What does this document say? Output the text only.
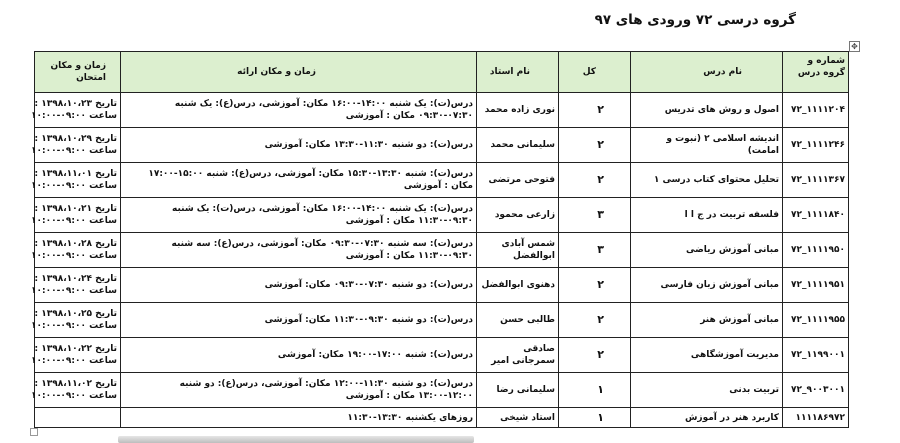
گروه درسی ۷۲ ورودی های ۹۷
✥
شماره و گروه درس	نام درس	کل	نام استاد	زمان و مکان ارائه	زمان و مکان امتحان
۱۱۱۱۲۰۴_۷۲	اصول و روش های تدریس	۲	نوری زاده محمد	درس(ت): یک شنبه ۱۴:۰۰-۱۶:۰۰ مکان: آموزشی، درس(ع): یک شنبه ۰۷:۳۰-۰۹:۳۰ مکان : آموزشی	تاریخ ۱۳۹۸،۱۰،۲۳ :
ساعت ۰۹:۰۰-۱۰:۰۰

۱۱۱۱۲۴۶_۷۲	اندیشه اسلامی ۲ (نبوت و امامت)	۲	سلیمانی محمد	درس(ت): دو شنبه ۱۱:۳۰-۱۳:۳۰ مکان: آموزشی	تاریخ ۱۳۹۸،۱۰،۲۹ :
ساعت ۰۹:۰۰-۱۰:۰۰

۱۱۱۱۳۶۷_۷۲	تحلیل محتوای کتاب درسی ۱	۲	فتوحی مرتضی	درس(ت): شنبه ۱۳:۳۰-۱۵:۳۰ مکان: آموزشی، درس(ع): شنبه ۱۵:۰۰-۱۷:۰۰ مکان : آموزشی	تاریخ ۱۳۹۸،۱۱،۰۱ :
ساعت ۰۹:۰۰-۱۰:۰۰

۱۱۱۱۸۴۰_۷۲	فلسفه تربیت در ج ا ا	۳	زارعی محمود	درس(ت): یک شنبه ۱۴:۰۰-۱۶:۰۰ مکان: آموزشی، درس(ت): یک شنبه ۰۹:۳۰-۱۱:۳۰ مکان : آموزشی	تاریخ ۱۳۹۸،۱۰،۲۱ :
ساعت ۰۹:۰۰-۱۰:۰۰

۱۱۱۱۹۵۰_۷۲	مبانی آموزش ریاضی	۳	شمس آبادی ابوالفضل	درس(ت): سه شنبه ۰۷:۳۰-۰۹:۳۰ مکان: آموزشی، درس(ع): سه شنبه ۰۹:۳۰-۱۱:۳۰ مکان : آموزشی	تاریخ ۱۳۹۸،۱۰،۲۸ :
ساعت ۰۹:۰۰-۱۰:۰۰

۱۱۱۱۹۵۱_۷۲	مبانی آموزش زبان فارسی	۲	دهنوی ابوالفضل	درس(ت): دو شنبه ۰۷:۳۰-۰۹:۳۰ مکان: آموزشی	تاریخ ۱۳۹۸،۱۰،۲۴ :
ساعت ۰۹:۰۰-۱۰:۰۰

۱۱۱۱۹۵۵_۷۲	مبانی آموزش هنر	۲	طالبی حسن	درس(ت): دو شنبه ۰۹:۳۰-۱۱:۳۰ مکان: آموزشی	تاریخ ۱۳۹۸،۱۰،۲۵ :
ساعت ۰۹:۰۰-۱۰:۰۰

۱۱۹۹۰۰۱_۷۲	مدیریت آموزشگاهی	۲	صادقی سمرجانی امیر	درس(ت): شنبه ۱۷:۰۰-۱۹:۰۰ مکان: آموزشی	تاریخ ۱۳۹۸،۱۰،۲۲ :
ساعت ۰۹:۰۰-۱۰:۰۰

۹۰۰۳۰۰۱_۷۲	تربیت بدنی	۱	سلیمانی رضا	درس(ت): دو شنبه ۱۱:۳۰-۱۲:۰۰ مکان: آموزشی، درس(ع): دو شنبه ۱۲:۰۰-۱۳:۰۰ مکان : آموزشی	تاریخ ۱۳۹۸،۱۱،۰۲ :
ساعت ۰۹:۰۰-۱۰:۰۰

۱۱۱۱۸۶۹۷۲	کاربرد هنر در آموزش	۱	استاد شیخی	روزهای یکشنبه ۱۳:۳۰-۱۱:۳۰	
